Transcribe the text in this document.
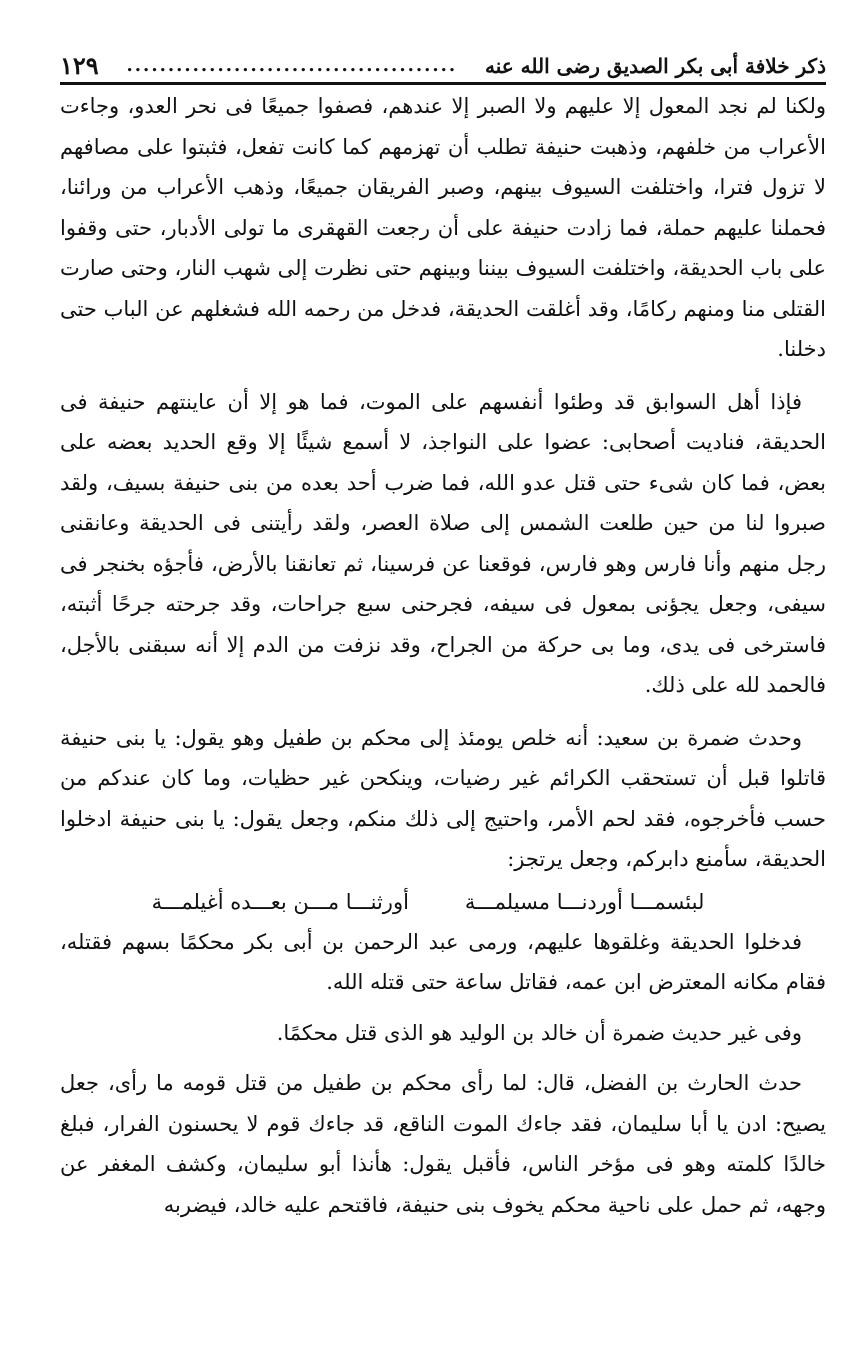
ذكر خلافة أبى بكر الصديق رضى الله عنه
........................................
١٢٩

ولكنا لم نجد المعول إلا عليهم ولا الصبر إلا عندهم، فصفوا جميعًا فى نحر العدو، وجاءت الأعراب من خلفهم، وذهبت حنيفة تطلب أن تهزمهم كما كانت تفعل، فثبتوا على مصافهم لا تزول فترا، واختلفت السيوف بينهم، وصبر الفريقان جميعًا، وذهب الأعراب من ورائنا، فحملنا عليهم حملة، فما زادت حنيفة على أن رجعت القهقرى ما تولى الأدبار، حتى وقفوا على باب الحديقة، واختلفت السيوف بيننا وبينهم حتى نظرت إلى شهب النار، وحتى صارت القتلى منا ومنهم ركامًا، وقد أغلقت الحديقة، فدخل من رحمه الله فشغلهم عن الباب حتى دخلنا.

فإذا أهل السوابق قد وطئوا أنفسهم على الموت، فما هو إلا أن عاينتهم حنيفة فى الحديقة، فناديت أصحابى: عضوا على النواجذ، لا أسمع شيئًا إلا وقع الحديد بعضه على بعض، فما كان شىء حتى قتل عدو الله، فما ضرب أحد بعده من بنى حنيفة بسيف، ولقد صبروا لنا من حين طلعت الشمس إلى صلاة العصر، ولقد رأيتنى فى الحديقة وعانقنى رجل منهم وأنا فارس وهو فارس، فوقعنا عن فرسينا، ثم تعانقنا بالأرض، فأجؤه بخنجر فى سيفى، وجعل يجؤنى بمعول فى سيفه، فجرحنى سبع جراحات، وقد جرحته جرحًا أثبته، فاسترخى فى يدى، وما بى حركة من الجراح، وقد نزفت من الدم إلا أنه سبقنى بالأجل، فالحمد لله على ذلك.

وحدث ضمرة بن سعيد: أنه خلص يومئذ إلى محكم بن طفيل وهو يقول: يا بنى حنيفة قاتلوا قبل أن تستحقب الكرائم غير رضيات، وينكحن غير حظيات، وما كان عندكم من حسب فأخرجوه، فقد لحم الأمر، واحتيج إلى ذلك منكم، وجعل يقول: يا بنى حنيفة ادخلوا الحديقة، سأمنع دابركم، وجعل يرتجز:

لبئسمـــا أوردنـــا مسيلمـــة
أورثنـــا مـــن بعـــده أغيلمـــة

فدخلوا الحديقة وغلقوها عليهم، ورمى عبد الرحمن بن أبى بكر محكمًا بسهم فقتله، فقام مكانه المعترض ابن عمه، فقاتل ساعة حتى قتله الله.

وفى غير حديث ضمرة أن خالد بن الوليد هو الذى قتل محكمًا.

حدث الحارث بن الفضل، قال: لما رأى محكم بن طفيل من قتل قومه ما رأى، جعل يصيح: ادن يا أبا سليمان، فقد جاءك الموت الناقع، قد جاءك قوم لا يحسنون الفرار، فبلغ خالدًا كلمته وهو فى مؤخر الناس، فأقبل يقول: هأنذا أبو سليمان، وكشف المغفر عن وجهه، ثم حمل على ناحية محكم يخوف بنى حنيفة، فاقتحم عليه خالد، فيضربه
